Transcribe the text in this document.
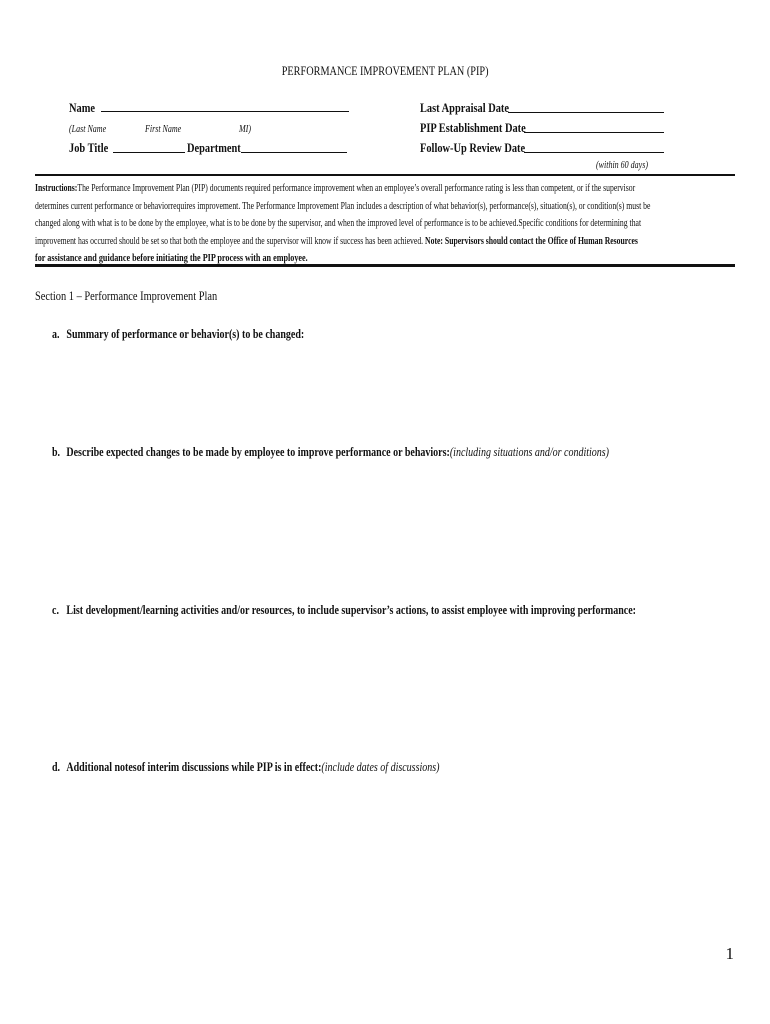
PERFORMANCE IMPROVEMENT PLAN (PIP)
Name
(Last Name	First Name	MI)
Job Title	Department
Last Appraisal Date
PIP Establishment Date
Follow-Up Review Date
(within 60 days)
Instructions:The Performance Improvement Plan (PIP) documents required performance improvement when an employee’s overall performance rating is less than competent, or if the supervisor
determines current performance or behaviorrequires improvement. The Performance Improvement Plan includes a description of what behavior(s), performance(s), situation(s), or condition(s) must be
changed along with what is to be done by the employee, what is to be done by the supervisor, and when the improved level of performance is to be achieved.Specific conditions for determining that
improvement has occurred should be set so that both the employee and the supervisor will know if success has been achieved. Note: Supervisors should contact the Office of Human Resources
for assistance and guidance before initiating the PIP process with an employee.
Section 1 – Performance Improvement Plan
a. Summary of performance or behavior(s) to be changed:
b. Describe expected changes to be made by employee to improve performance or behaviors:(including situations and/or conditions)
c. List development/learning activities and/or resources, to include supervisor’s actions, to assist employee with improving performance:
d. Additional notesof interim discussions while PIP is in effect:(include dates of discussions)
1
